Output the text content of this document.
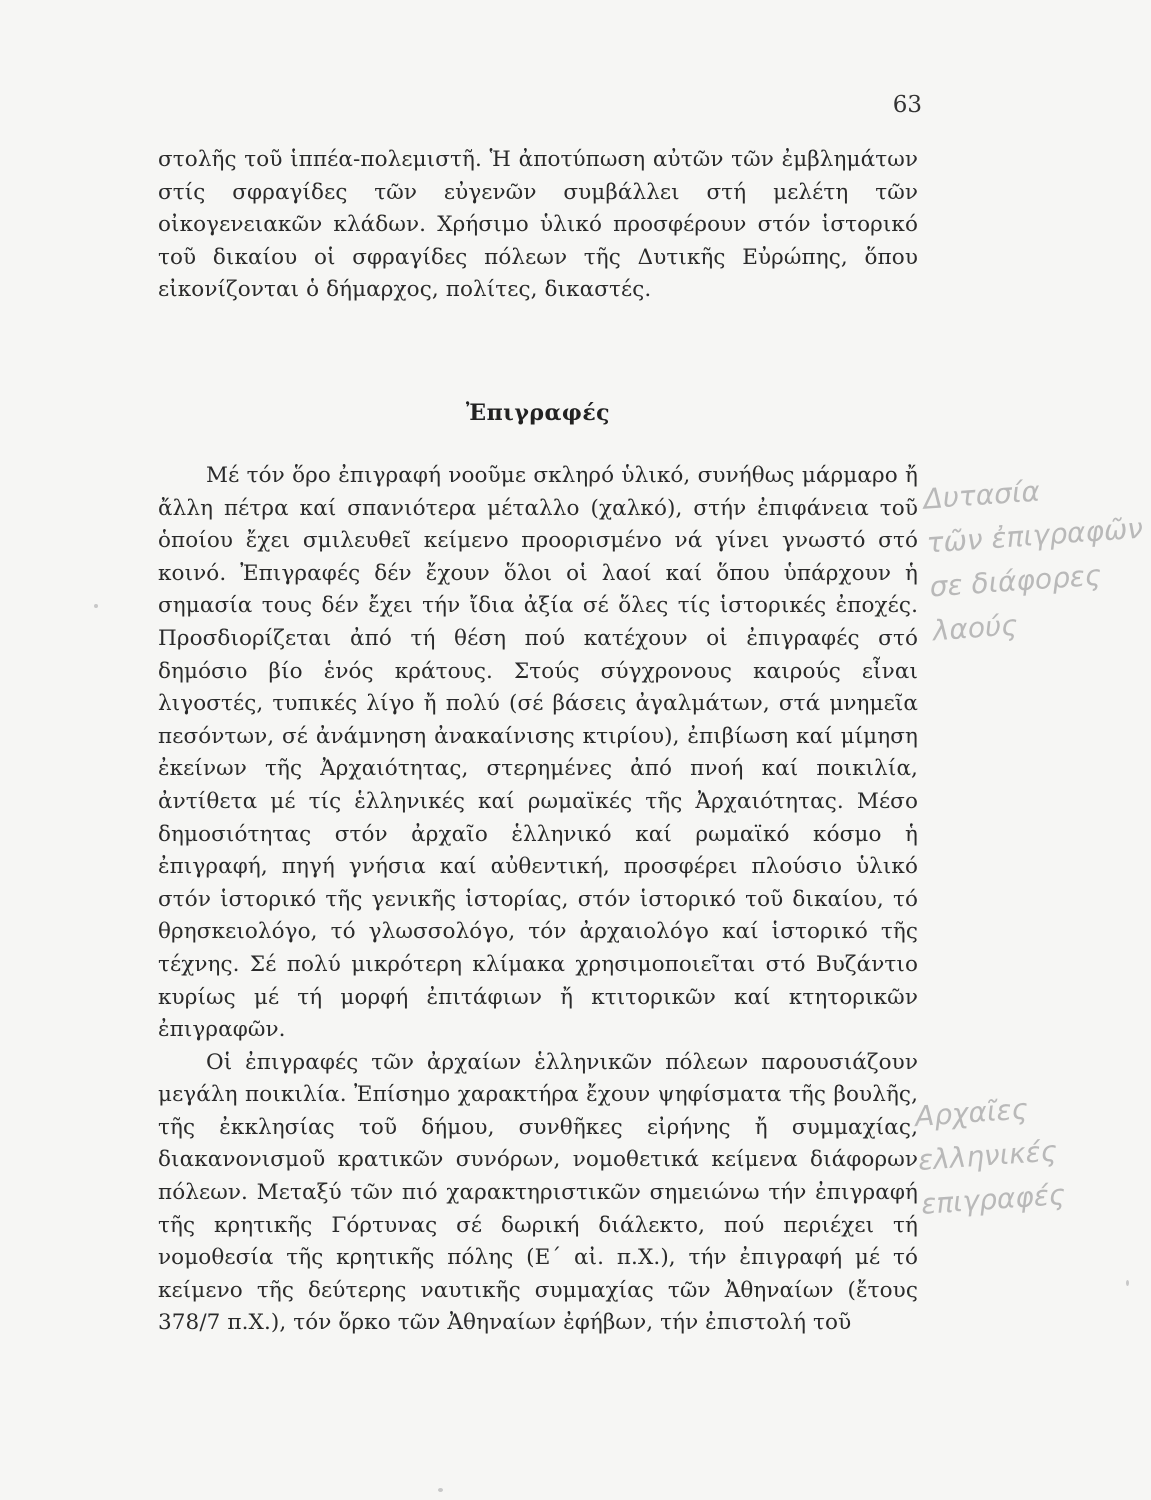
63

στολῆς τοῦ ἱππέα-πολεμιστῆ. Ἡ ἀποτύπωση αὐτῶν τῶν ἐμβλημάτων στίς σφραγίδες τῶν εὐγενῶν συμβάλλει στή μελέτη τῶν οἰκογενειακῶν κλάδων. Χρήσιμο ὑλικό προσφέρουν στόν ἱστορικό τοῦ δικαίου οἱ σφραγίδες πόλεων τῆς Δυτικῆς Εὐρώπης, ὅπου εἰκονίζονται ὁ δήμαρχος, πολίτες, δικαστές.

Ἐπιγραφές

Μέ τόν ὅρο ἐπιγραφή νοοῦμε σκληρό ὑλικό, συνήθως μάρμαρο ἤ ἄλλη πέτρα καί σπανιότερα μέταλλο (χαλκό), στήν ἐπιφάνεια τοῦ ὁποίου ἔχει σμιλευθεῖ κείμενο προορισμένο νά γίνει γνωστό στό κοινό. Ἐπιγραφές δέν ἔχουν ὅλοι οἱ λαοί καί ὅπου ὑπάρχουν ἡ σημασία τους δέν ἔχει τήν ἴδια ἀξία σέ ὅλες τίς ἱστορικές ἐποχές. Προσδιορίζεται ἀπό τή θέση πού κατέχουν οἱ ἐπιγραφές στό δημόσιο βίο ἑνός κράτους. Στούς σύγχρονους καιρούς εἶναι λιγοστές, τυπικές λίγο ἤ πολύ (σέ βάσεις ἀγαλμάτων, στά μνημεῖα πεσόντων, σέ ἀνάμνηση ἀνακαίνισης κτιρίου), ἐπιβίωση καί μίμηση ἐκείνων τῆς Ἀρχαιότητας, στερημένες ἀπό πνοή καί ποικιλία, ἀντίθετα μέ τίς ἑλληνικές καί ρωμαϊκές τῆς Ἀρχαιότητας. Μέσο δημοσιότητας στόν ἀρχαῖο ἑλληνικό καί ρωμαϊκό κόσμο ἡ ἐπιγραφή, πηγή γνήσια καί αὐθεντική, προσφέρει πλούσιο ὑλικό στόν ἱστορικό τῆς γενικῆς ἱστορίας, στόν ἱστορικό τοῦ δικαίου, τό θρησκειολόγο, τό γλωσσολόγο, τόν ἀρχαιολόγο καί ἱστορικό τῆς τέχνης. Σέ πολύ μικρότερη κλίμακα χρησιμοποιεῖται στό Βυζάντιο κυρίως μέ τή μορφή ἐπιτάφιων ἤ κτιτορικῶν καί κτητορικῶν ἐπιγραφῶν.

Οἱ ἐπιγραφές τῶν ἀρχαίων ἑλληνικῶν πόλεων παρουσιάζουν μεγάλη ποικιλία. Ἐπίσημο χαρακτήρα ἔχουν ψηφίσματα τῆς βουλῆς, τῆς ἐκκλησίας τοῦ δήμου, συνθῆκες εἰρήνης ἤ συμμαχίας, διακανονισμοῦ κρατικῶν συνόρων, νομοθετικά κείμενα διάφορων πόλεων. Μεταξύ τῶν πιό χαρακτηριστικῶν σημειώνω τήν ἐπιγραφή τῆς κρητικῆς Γόρτυνας σέ δωρική διάλεκτο, πού περιέχει τή νομοθεσία τῆς κρητικῆς πόλης (Ε΄ αἰ. π.Χ.), τήν ἐπιγραφή μέ τό κείμενο τῆς δεύτερης ναυτικῆς συμμαχίας τῶν Ἀθηναίων (ἔτους 378/7 π.Χ.), τόν ὅρκο τῶν Ἀθηναίων ἐφήβων, τήν ἐπιστολή τοῦ

Δυτασία
τῶν ἐπιγραφῶν
σε διάφορες
λαούς
Αρχαῖες
ελληνικές
επιγραφές
